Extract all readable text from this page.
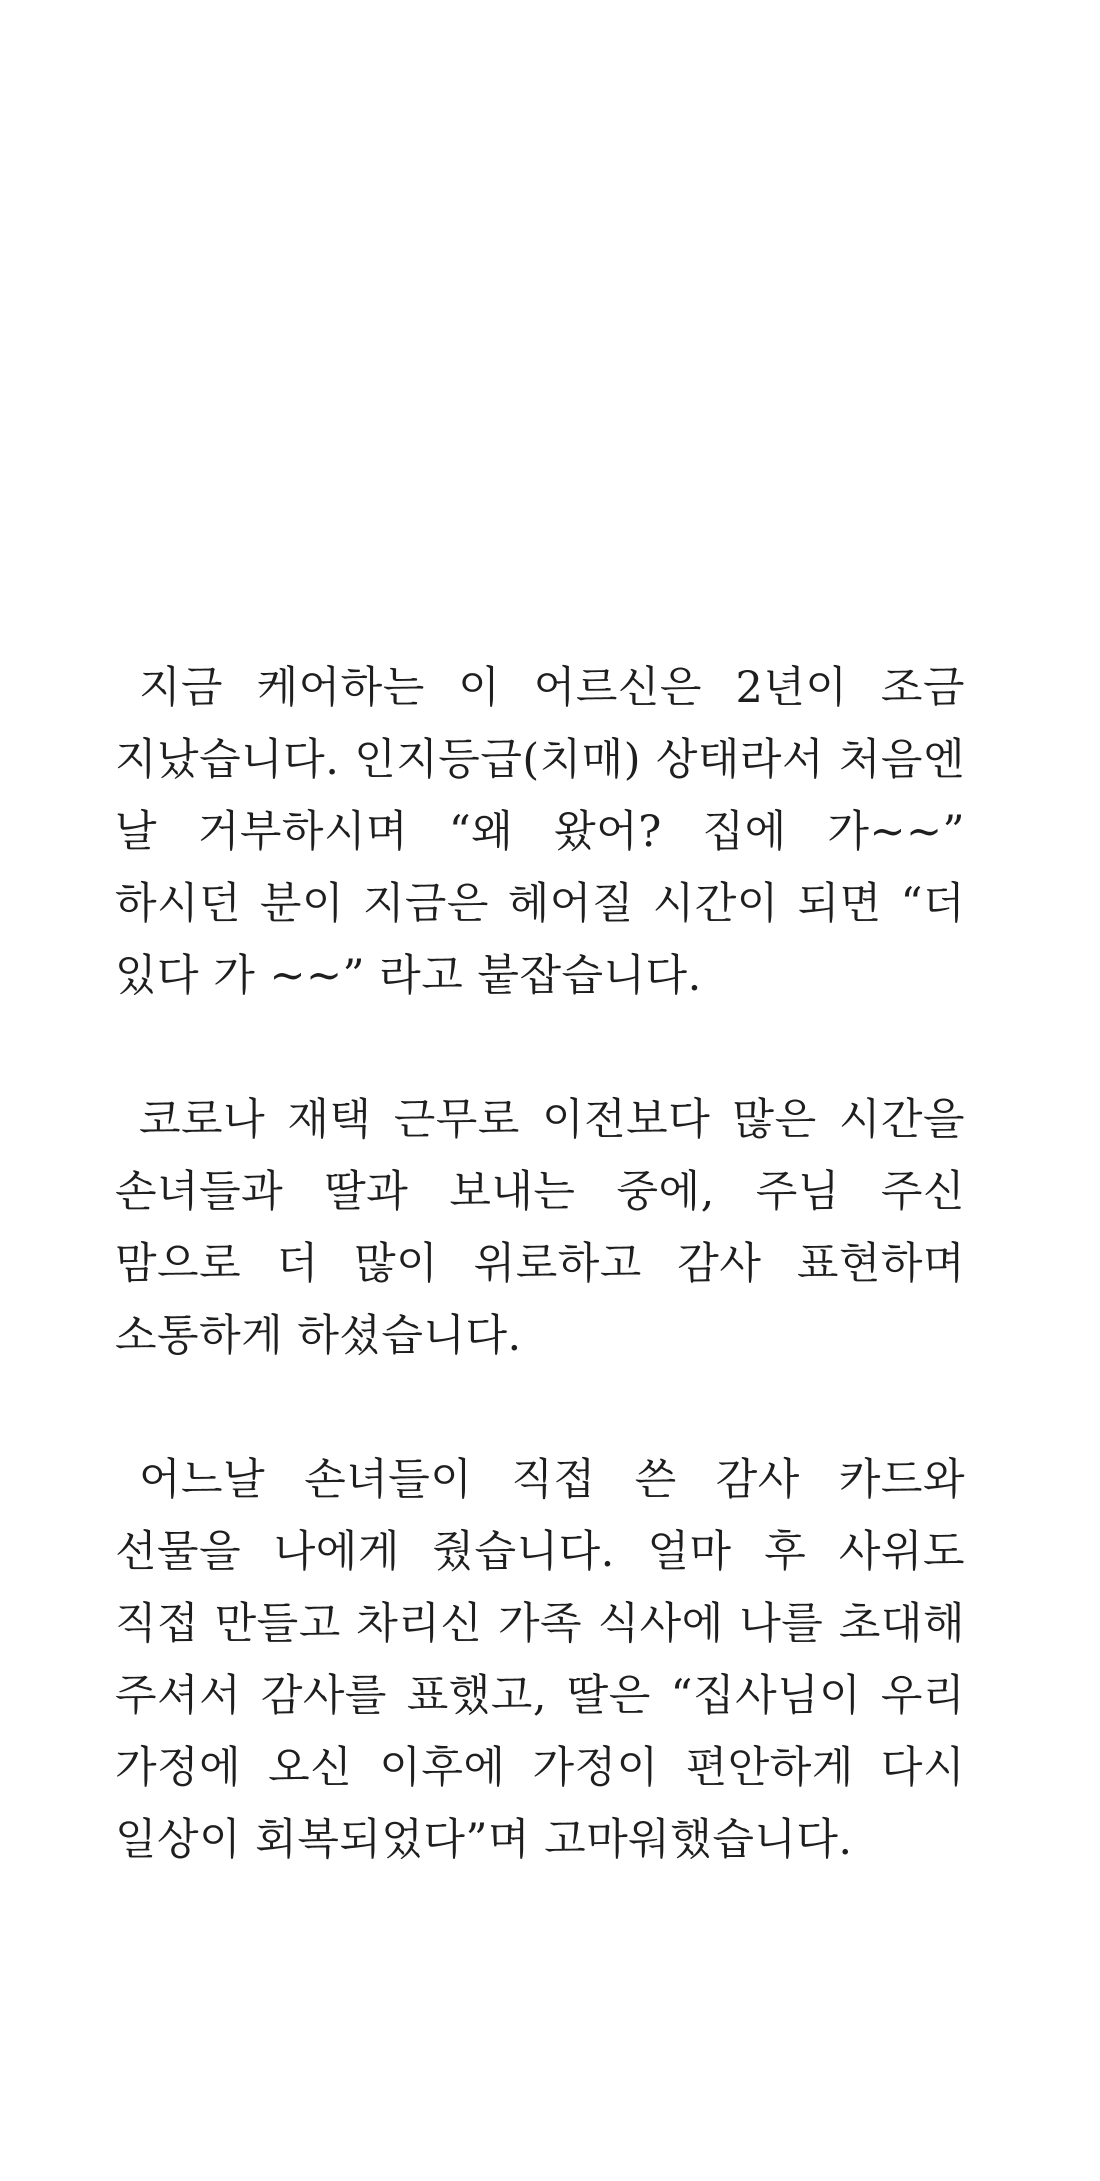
지금 케어하는 이 어르신은 2년이 조금 지났습니다. 인지등급(치매) 상태라서 처음엔 날 거부하시며 “왜 왔어? 집에 가~~” 하시던 분이 지금은 헤어질 시간이 되면 “더 있다 가 ~~” 라고 붙잡습니다.

코로나 재택 근무로 이전보다 많은 시간을 손녀들과 딸과 보내는 중에, 주님 주신 맘으로 더 많이 위로하고 감사 표현하며 소통하게 하셨습니다.

어느날 손녀들이 직접 쓴 감사 카드와 선물을 나에게 줬습니다. 얼마 후 사위도 직접 만들고 차리신 가족 식사에 나를 초대해 주셔서 감사를 표했고, 딸은 “집사님이 우리 가정에 오신 이후에 가정이 편안하게 다시 일상이 회복되었다”며 고마워했습니다.
